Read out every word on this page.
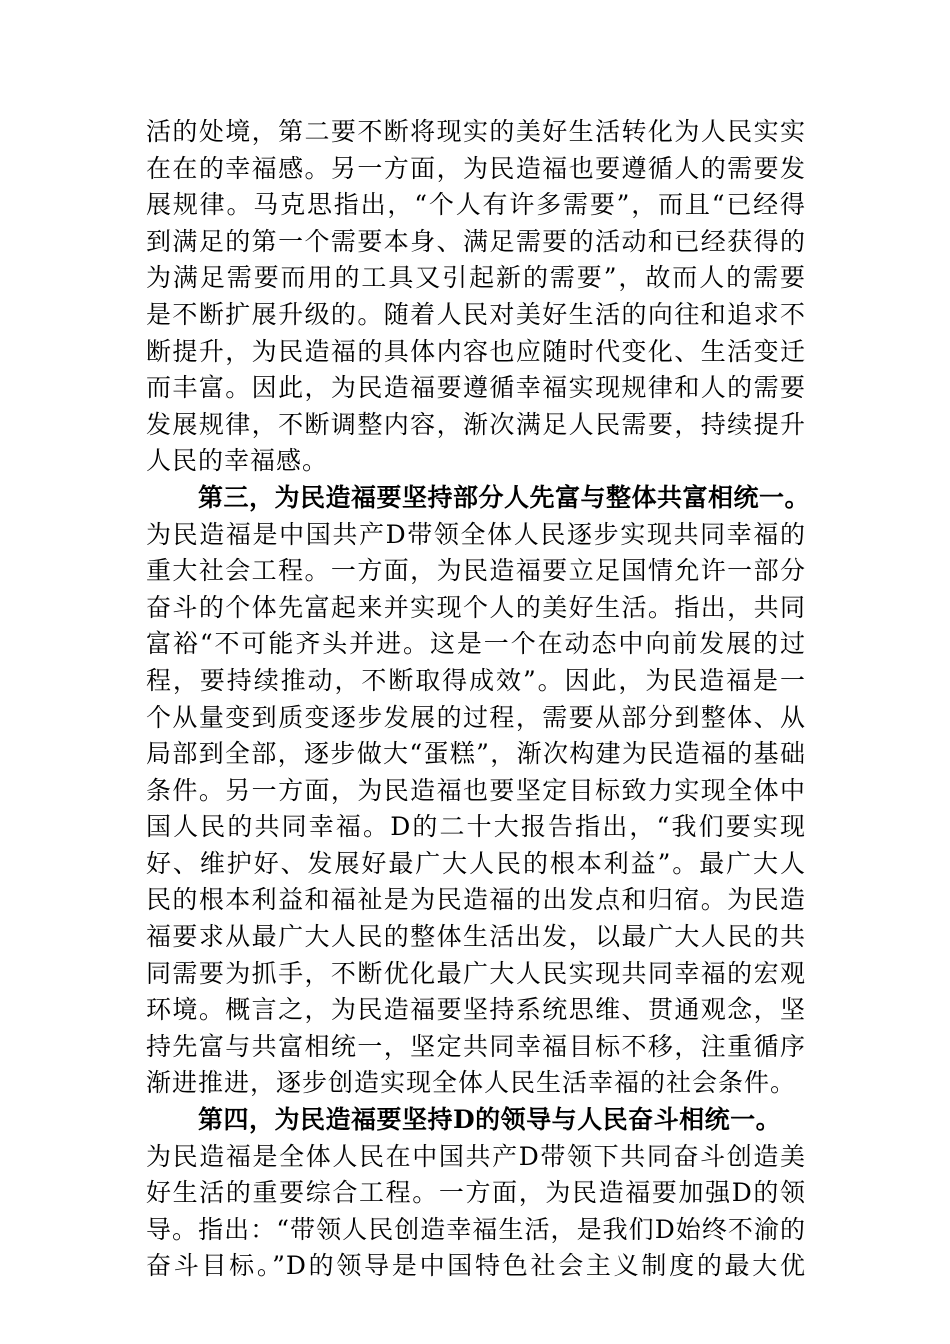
活的处境，第二要不断将现实的美好生活转化为人民实实在在的幸福感。另一方面，为民造福也要遵循人的需要发展规律。马克思指出，“个人有许多需要”，而且“已经得到满足的第一个需要本身、满足需要的活动和已经获得的为满足需要而用的工具又引起新的需要”，故而人的需要是不断扩展升级的。随着人民对美好生活的向往和追求不断提升，为民造福的具体内容也应随时代变化、生活变迁而丰富。因此，为民造福要遵循幸福实现规律和人的需要发展规律，不断调整内容，渐次满足人民需要，持续提升人民的幸福感。

第三，为民造福要坚持部分人先富与整体共富相统一。

为民造福是中国共产D带领全体人民逐步实现共同幸福的重大社会工程。一方面，为民造福要立足国情允许一部分奋斗的个体先富起来并实现个人的美好生活。指出，共同富裕“不可能齐头并进。这是一个在动态中向前发展的过程，要持续推动，不断取得成效”。因此，为民造福是一个从量变到质变逐步发展的过程，需要从部分到整体、从局部到全部，逐步做大“蛋糕”，渐次构建为民造福的基础条件。另一方面，为民造福也要坚定目标致力实现全体中国人民的共同幸福。D的二十大报告指出，“我们要实现好、维护好、发展好最广大人民的根本利益”。最广大人民的根本利益和福祉是为民造福的出发点和归宿。为民造福要求从最广大人民的整体生活出发，以最广大人民的共同需要为抓手，不断优化最广大人民实现共同幸福的宏观环境。概言之，为民造福要坚持系统思维、贯通观念，坚持先富与共富相统一，坚定共同幸福目标不移，注重循序渐进推进，逐步创造实现全体人民生活幸福的社会条件。

第四，为民造福要坚持D的领导与人民奋斗相统一。

为民造福是全体人民在中国共产D带领下共同奋斗创造美好生活的重要综合工程。一方面，为民造福要加强D的领导。指出：“带领人民创造幸福生活，是我们D始终不渝的奋斗目标。”D的领导是中国特色社会主义制度的最大优
